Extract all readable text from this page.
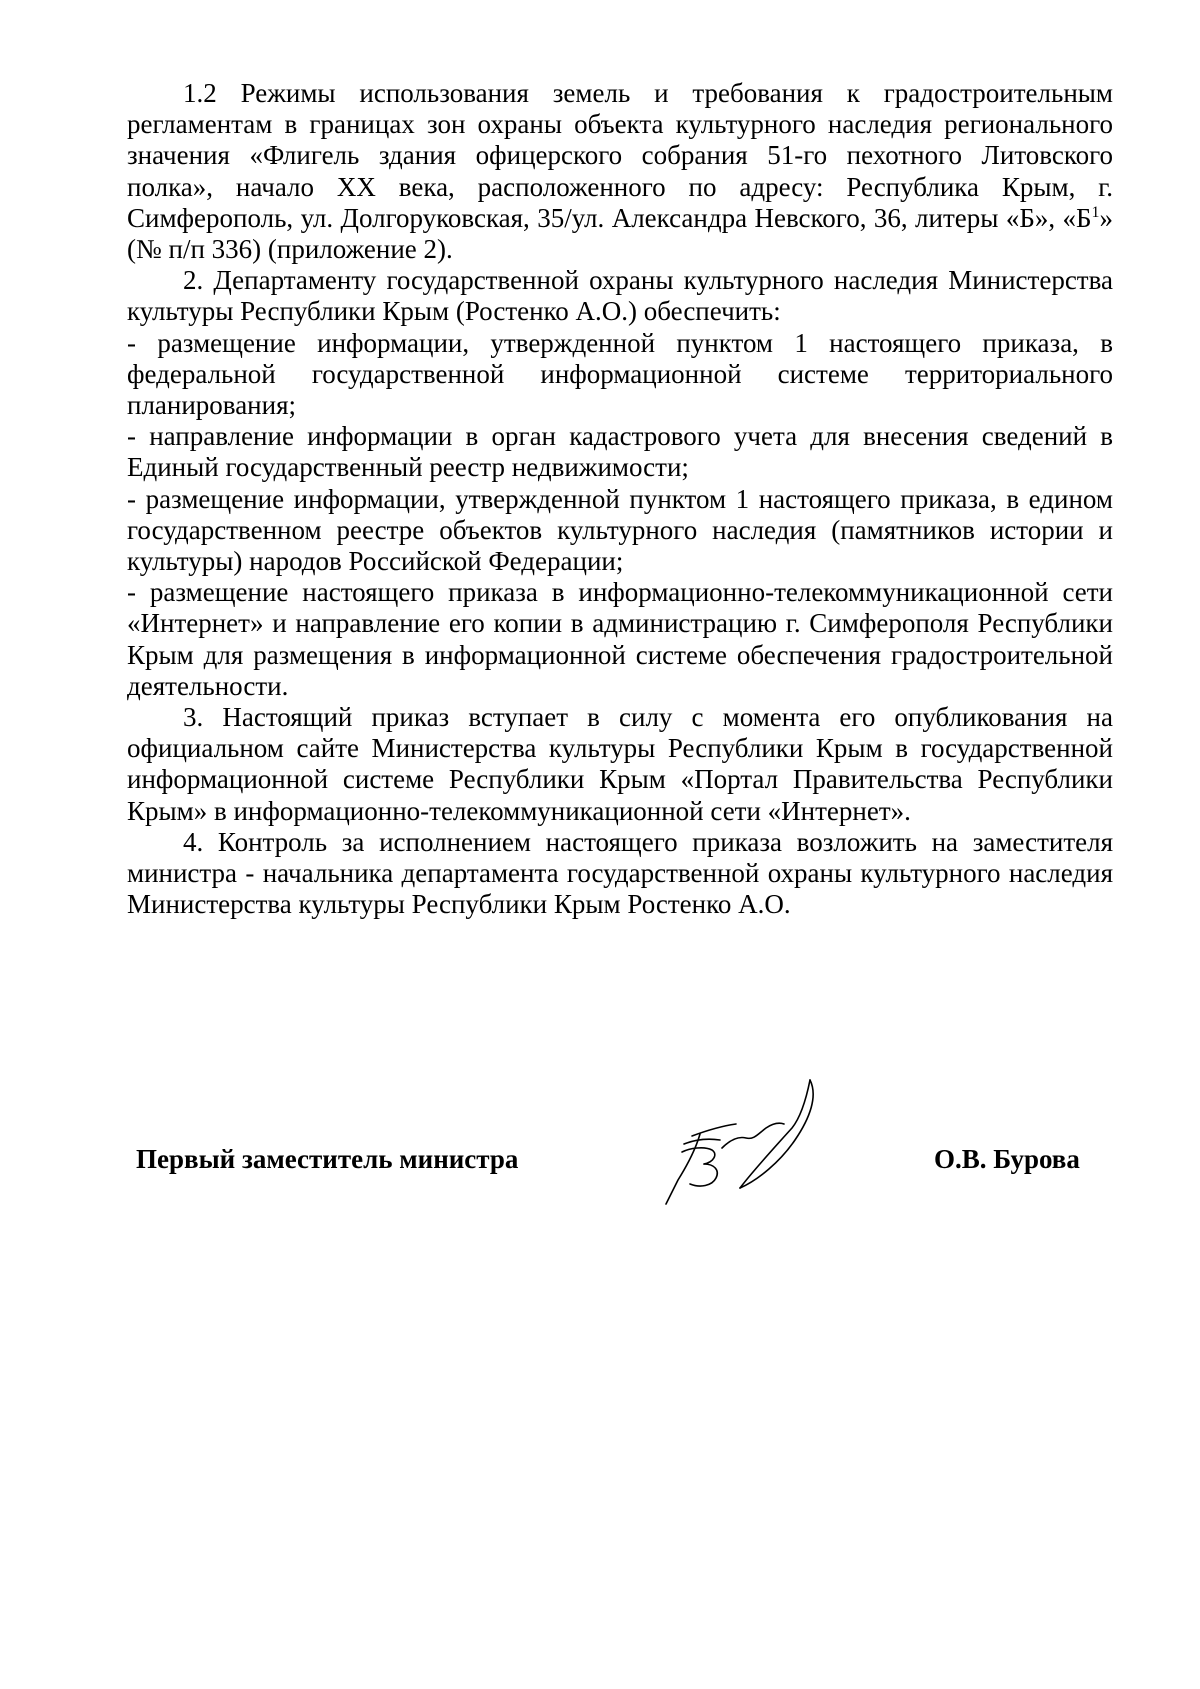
1.2 Режимы использования земель и требования к градостроительным регламентам в границах зон охраны объекта культурного наследия регионального значения «Флигель здания офицерского собрания 51-го пехотного Литовского полка», начало XX века, расположенного по адресу: Республика Крым, г. Симферополь, ул. Долгоруковская, 35/ул. Александра Невского, 36, литеры «Б», «$Б^1$» (№ п/п 336) (приложение 2).

2. Департаменту государственной охраны культурного наследия Министерства культуры Республики Крым (Ростенко А.О.) обеспечить:

- размещение информации, утвержденной пунктом 1 настоящего приказа, в федеральной государственной информационной системе территориального планирования;

- направление информации в орган кадастрового учета для внесения сведений в Единый государственный реестр недвижимости;

- размещение информации, утвержденной пунктом 1 настоящего приказа, в едином государственном реестре объектов культурного наследия (памятников истории и культуры) народов Российской Федерации;

- размещение настоящего приказа в информационно-телекоммуникационной сети «Интернет» и направление его копии в администрацию г. Симферополя Республики Крым для размещения в информационной системе обеспечения градостроительной деятельности.

3. Настоящий приказ вступает в силу с момента его опубликования на официальном сайте Министерства культуры Республики Крым в государственной информационной системе Республики Крым «Портал Правительства Республики Крым» в информационно-телекоммуникационной сети «Интернет».

4. Контроль за исполнением настоящего приказа возложить на заместителя министра - начальника департамента государственной охраны культурного наследия Министерства культуры Республики Крым Ростенко А.О.

Первый заместитель министра	О.В. Бурова
